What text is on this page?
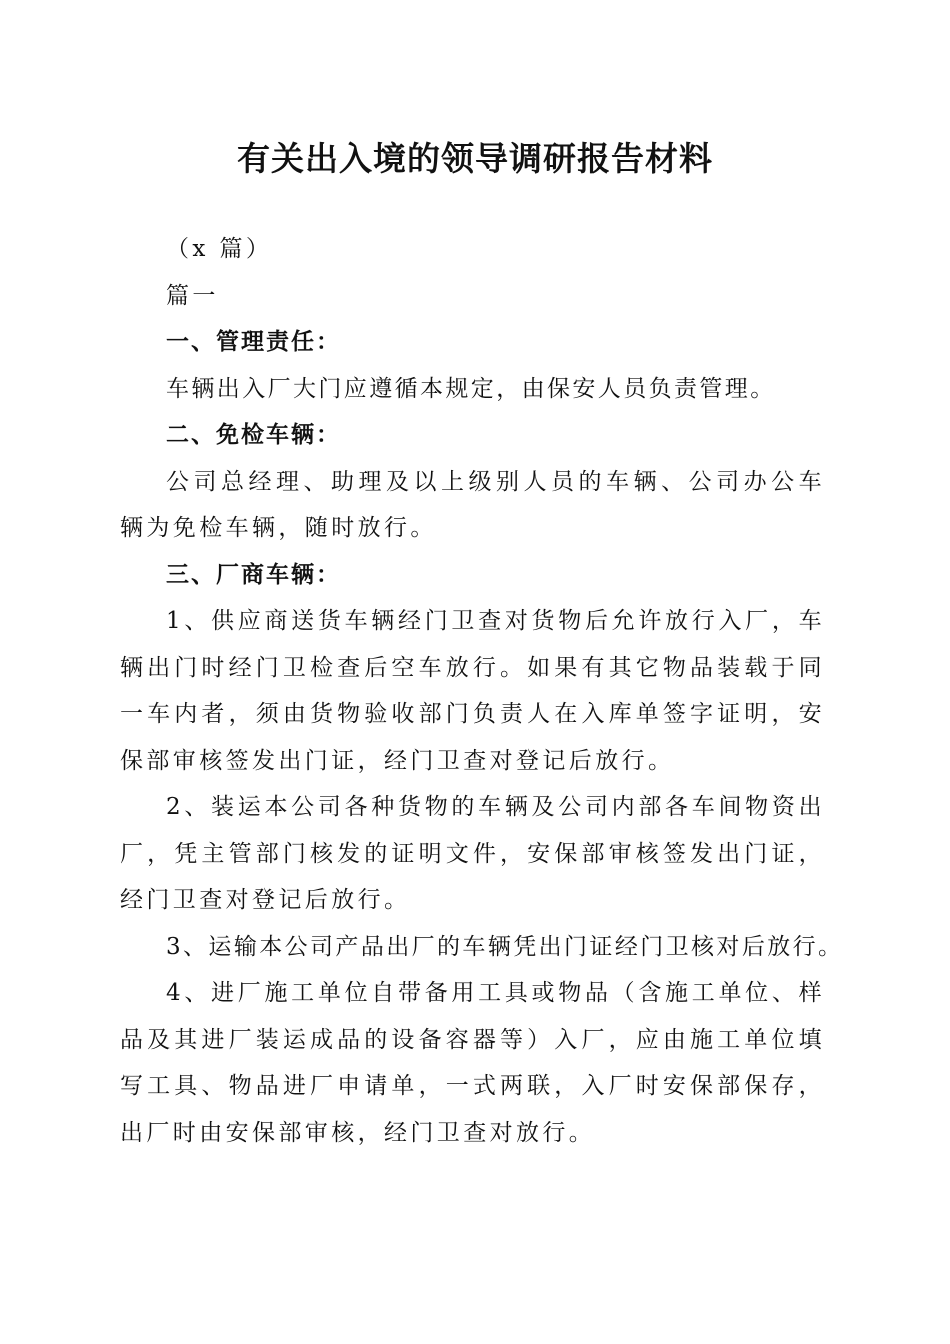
有关出入境的领导调研报告材料

（x 篇）

篇一

一、管理责任：

车辆出入厂大门应遵循本规定，由保安人员负责管理。

二、免检车辆：

公司总经理、助理及以上级别人员的车辆、公司办公车辆为免检车辆，随时放行。

三、厂商车辆：

1、供应商送货车辆经门卫查对货物后允许放行入厂，车辆出门时经门卫检查后空车放行。如果有其它物品装载于同一车内者，须由货物验收部门负责人在入库单签字证明，安保部审核签发出门证，经门卫查对登记后放行。

2、装运本公司各种货物的车辆及公司内部各车间物资出厂，凭主管部门核发的证明文件，安保部审核签发出门证，经门卫查对登记后放行。

3、运输本公司产品出厂的车辆凭出门证经门卫核对后放行。

4、进厂施工单位自带备用工具或物品（含施工单位、样品及其进厂装运成品的设备容器等）入厂，应由施工单位填写工具、物品进厂申请单，一式两联，入厂时安保部保存，出厂时由安保部审核，经门卫查对放行。
